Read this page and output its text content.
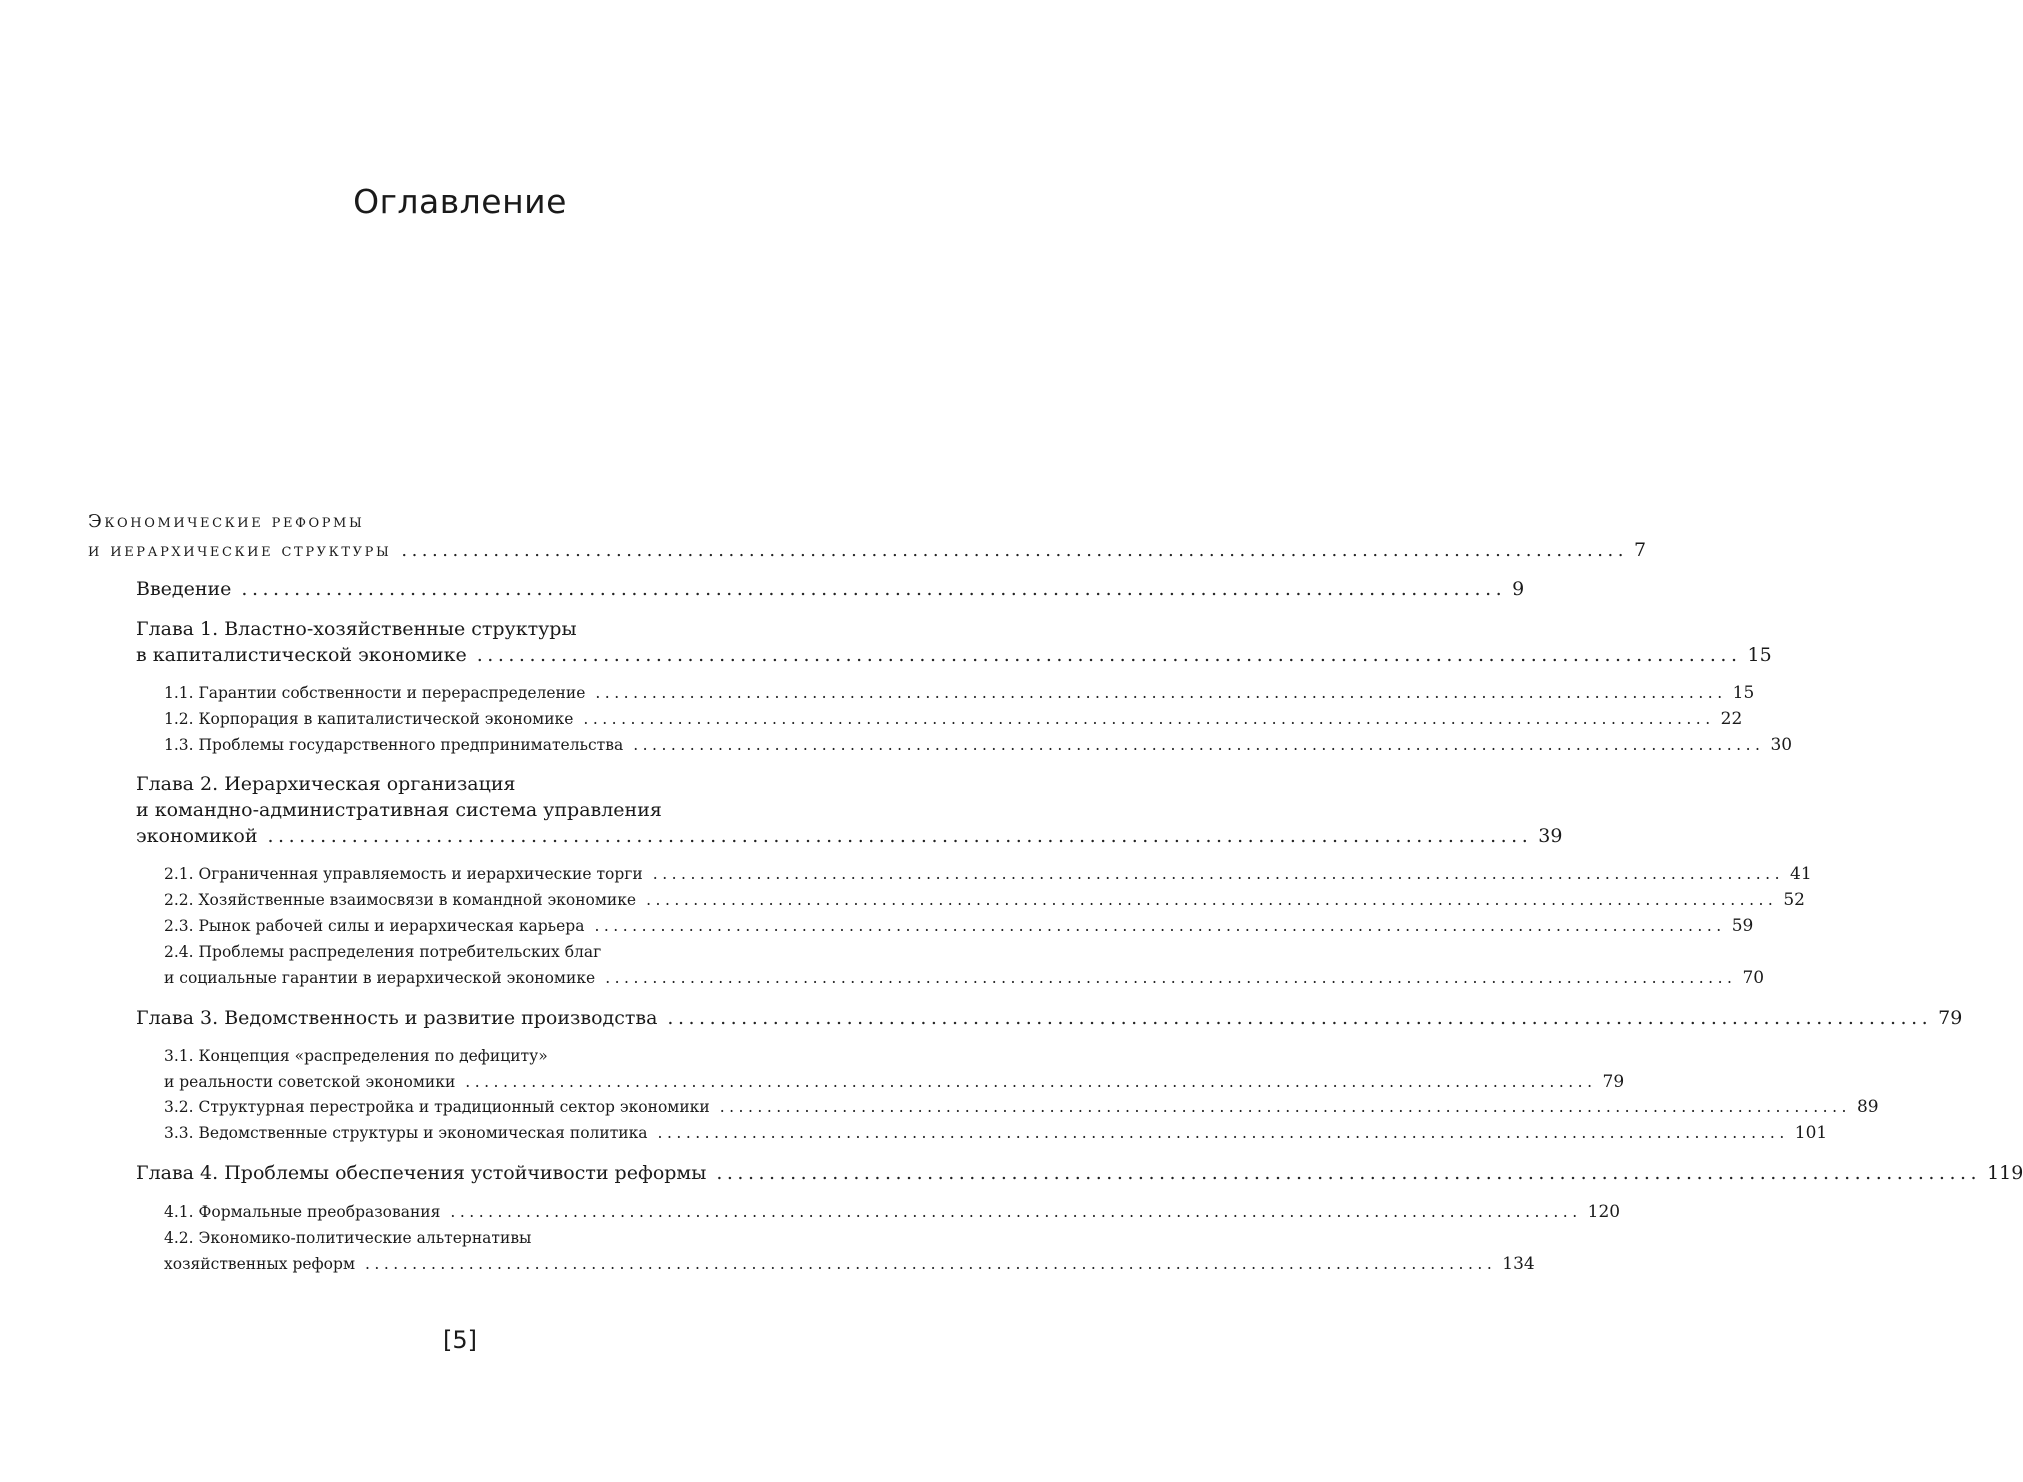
Оглавление
Экономические реформы
и иерархические структуры ........................................................................................................................ 7
Введение ........................................................................................................................ 9
Глава 1. Властно-хозяйственные структуры
в капиталистической экономике ........................................................................................................................ 15
1.1. Гарантии собственности и перераспределение ........................................................................................................................ 15
1.2. Корпорация в капиталистической экономике ........................................................................................................................ 22
1.3. Проблемы государственного предпринимательства ........................................................................................................................ 30
Глава 2. Иерархическая организация
и командно-административная система управления
экономикой ........................................................................................................................ 39
2.1. Ограниченная управляемость и иерархические торги ........................................................................................................................ 41
2.2. Хозяйственные взаимосвязи в командной экономике ........................................................................................................................ 52
2.3. Рынок рабочей силы и иерархическая карьера ........................................................................................................................ 59
2.4. Проблемы распределения потребительских благ
и социальные гарантии в иерархической экономике ........................................................................................................................ 70
Глава 3. Ведомственность и развитие производства ........................................................................................................................ 79
3.1. Концепция «распределения по дефициту»
и реальности советской экономики ........................................................................................................................ 79
3.2. Структурная перестройка и традиционный сектор экономики ........................................................................................................................ 89
3.3. Ведомственные структуры и экономическая политика ........................................................................................................................ 101
Глава 4. Проблемы обеспечения устойчивости реформы ........................................................................................................................ 119
4.1. Формальные преобразования ........................................................................................................................ 120
4.2. Экономико-политические альтернативы
хозяйственных реформ ........................................................................................................................ 134
[5]
